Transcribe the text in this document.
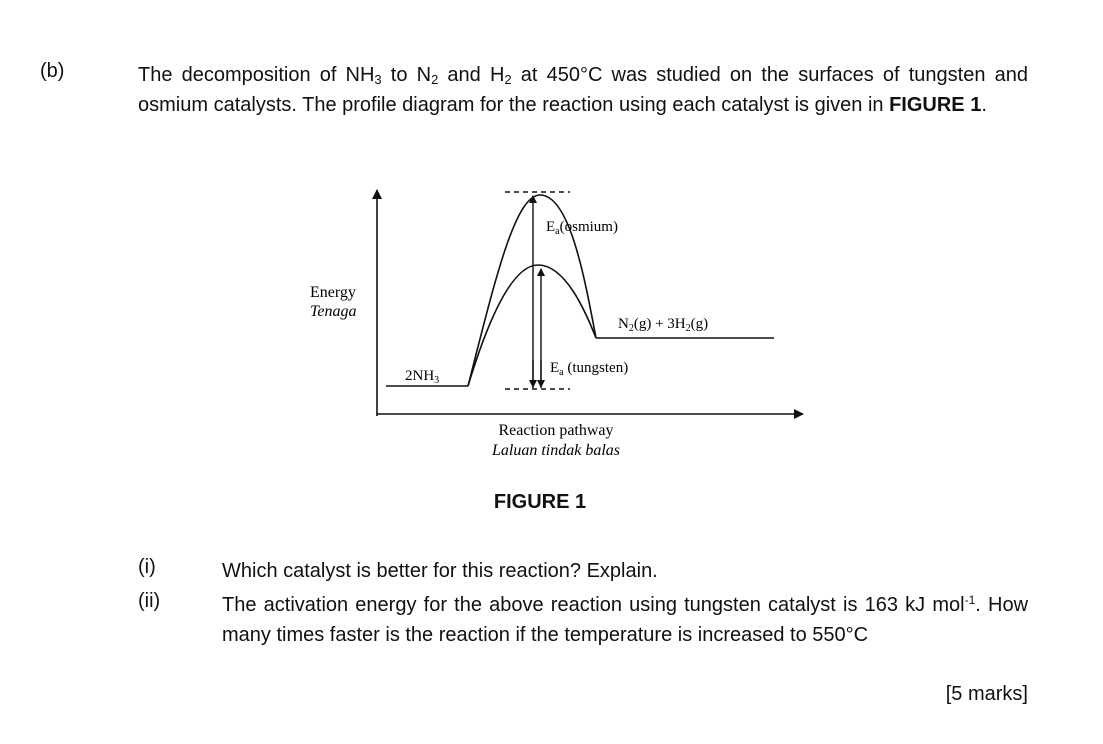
(b)	The decomposition of $NH_3$ to $N_2$ and $H_2$ at 450°C was studied on the surfaces of tungsten and osmium catalysts. The profile diagram for the reaction using each catalyst is given in FIGURE 1.

Energy
Tenaga
Reaction pathway
Laluan tindak balas
$E_a(osmium)$
$E_a$ (tungsten)
$2NH_3$
$N_2(g) + 3H_2(g)$
FIGURE 1
(i)	Which catalyst is better for this reaction? Explain.
(ii)	The activation energy for the above reaction using tungsten catalyst is 163 kJ mol$^{-1}$. How many times faster is the reaction if the temperature is increased to 550°C
[5 marks]
